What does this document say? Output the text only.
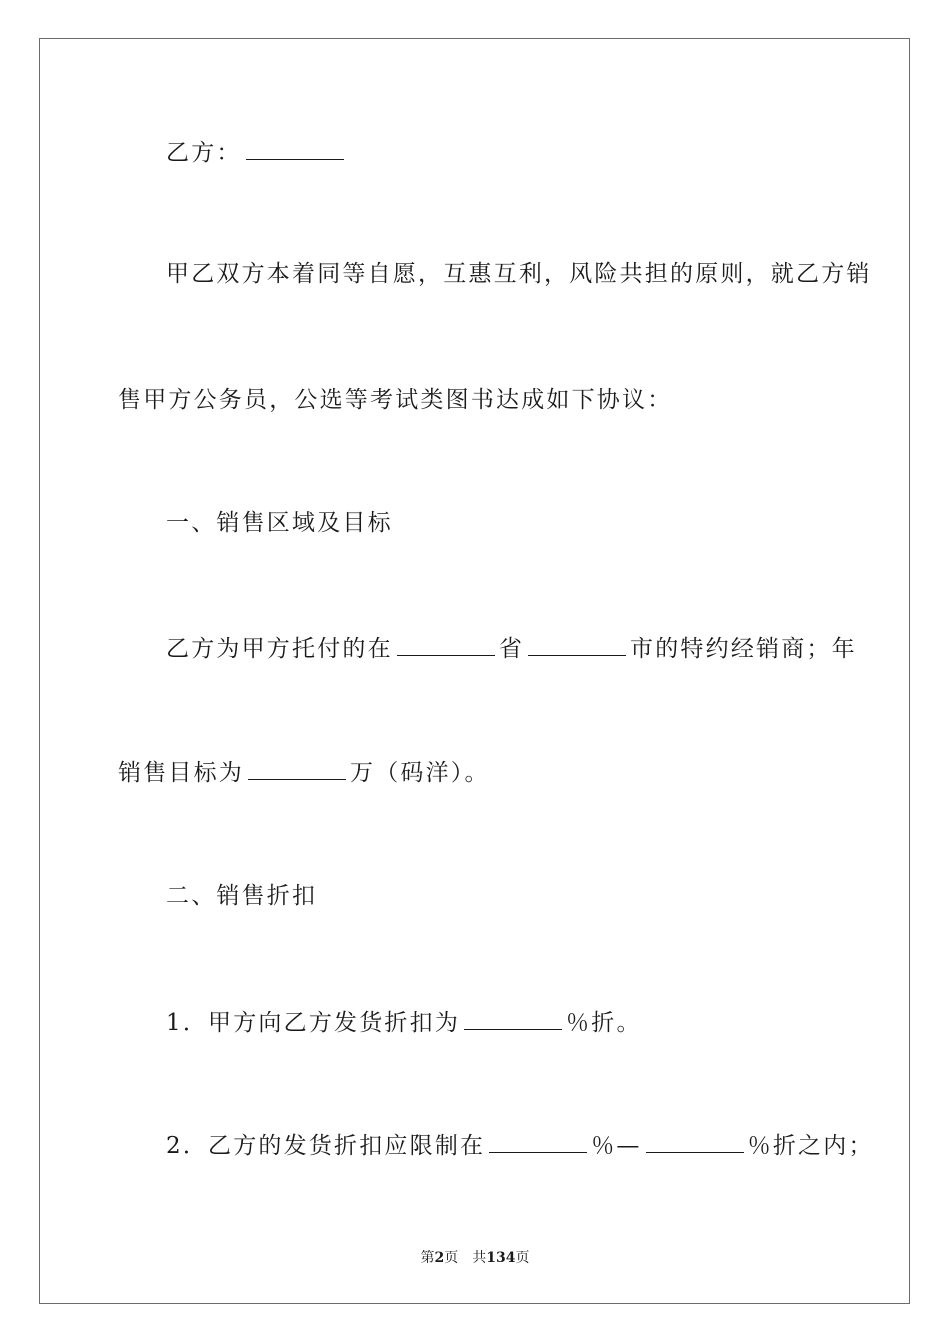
乙方：

甲乙双方本着同等自愿，互惠互利，风险共担的原则，就乙方销

售甲方公务员，公选等考试类图书达成如下协议：

一、销售区域及目标

乙方为甲方托付的在	省	市的特约经销商；年

销售目标为	万（码洋）。

二、销售折扣

1．甲方向乙方发货折扣为	％折。

2．乙方的发货折扣应限制在	％—	％折之内；

第2页 共134页
